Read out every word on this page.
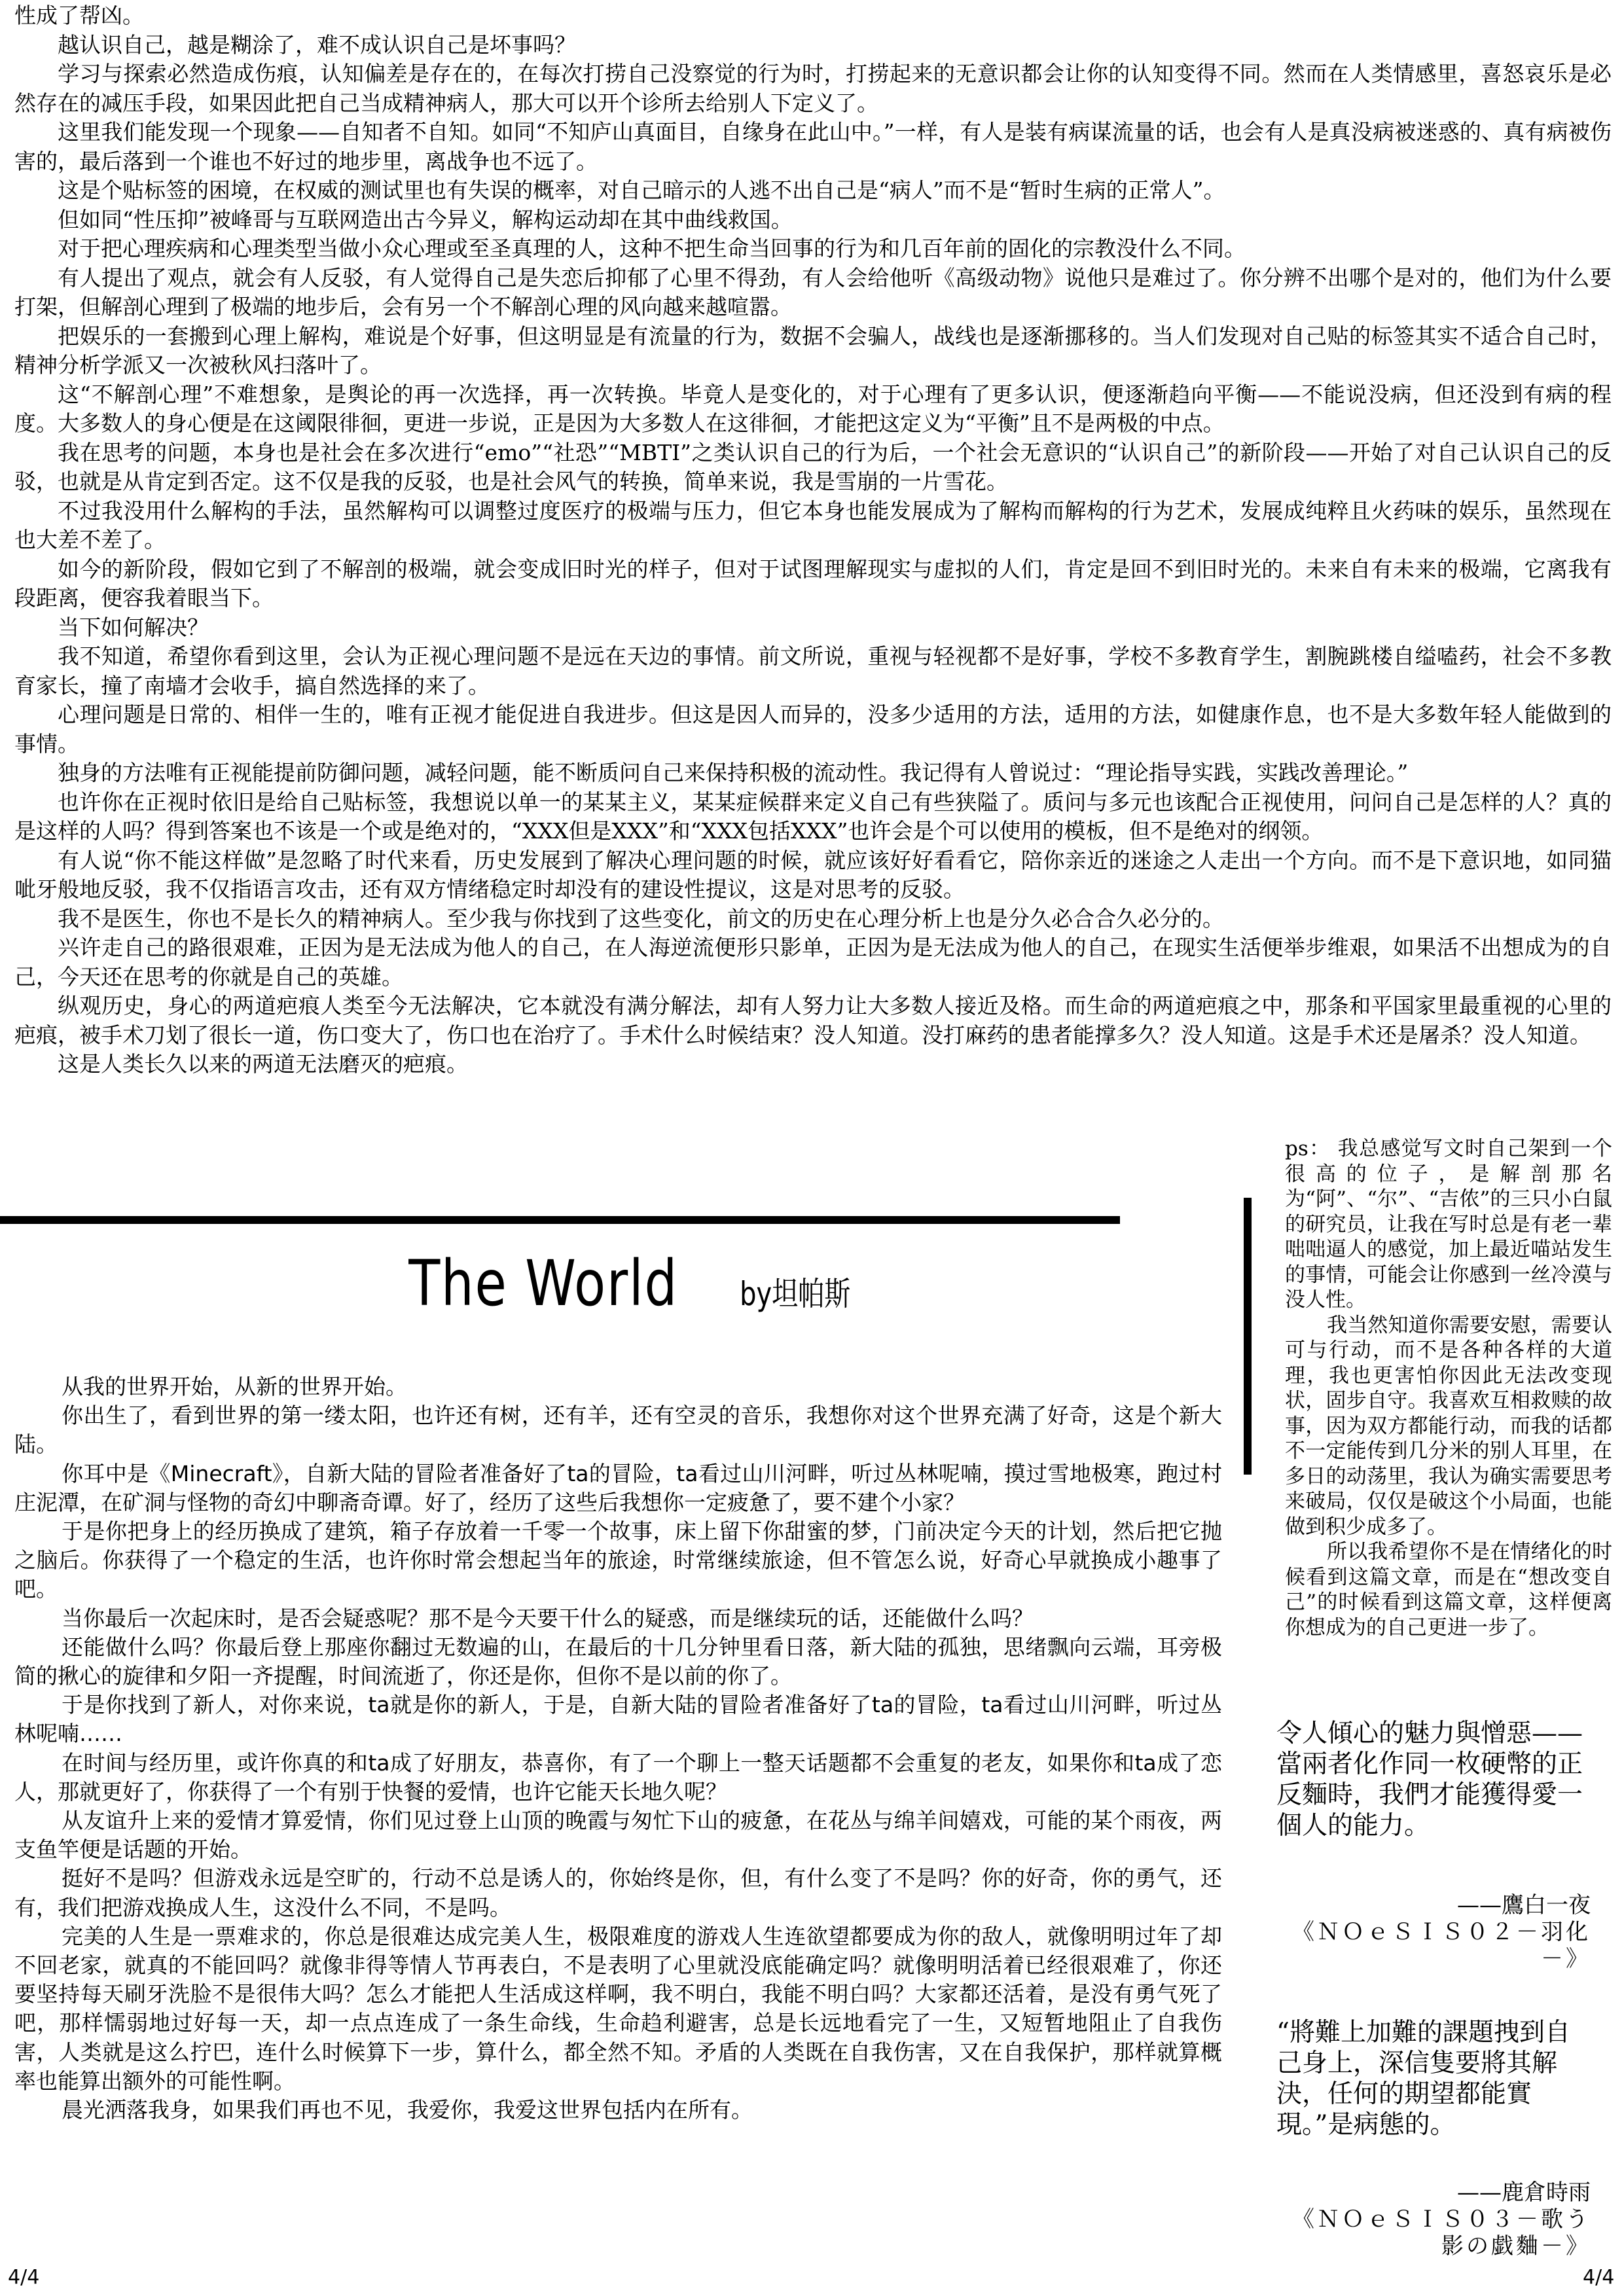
性成了帮凶。

越认识自己，越是糊涂了，难不成认识自己是坏事吗？

学习与探索必然造成伤痕，认知偏差是存在的，在每次打捞自己没察觉的行为时，打捞起来的无意识都会让你的认知变得不同。然而在人类情感里，喜怒哀乐是必然存在的减压手段，如果因此把自己当成精神病人，那大可以开个诊所去给别人下定义了。

这里我们能发现一个现象——自知者不自知。如同“不知庐山真面目，自缘身在此山中。”一样，有人是装有病谋流量的话，也会有人是真没病被迷惑的、真有病被伤害的，最后落到一个谁也不好过的地步里，离战争也不远了。

这是个贴标签的困境，在权威的测试里也有失误的概率，对自己暗示的人逃不出自己是“病人”而不是“暂时生病的正常人”。

但如同“性压抑”被峰哥与互联网造出古今异义，解构运动却在其中曲线救国。

对于把心理疾病和心理类型当做小众心理或至圣真理的人，这种不把生命当回事的行为和几百年前的固化的宗教没什么不同。

有人提出了观点，就会有人反驳，有人觉得自己是失恋后抑郁了心里不得劲，有人会给他听《高级动物》说他只是难过了。你分辨不出哪个是对的，他们为什么要打架，但解剖心理到了极端的地步后，会有另一个不解剖心理的风向越来越喧嚣。

把娱乐的一套搬到心理上解构，难说是个好事，但这明显是有流量的行为，数据不会骗人，战线也是逐渐挪移的。当人们发现对自己贴的标签其实不适合自己时，精神分析学派又一次被秋风扫落叶了。

这“不解剖心理”不难想象，是舆论的再一次选择，再一次转换。毕竟人是变化的，对于心理有了更多认识，便逐渐趋向平衡——不能说没病，但还没到有病的程度。大多数人的身心便是在这阈限徘徊，更进一步说，正是因为大多数人在这徘徊，才能把这定义为“平衡”且不是两极的中点。

我在思考的问题，本身也是社会在多次进行“emo”“社恐”“MBTI”之类认识自己的行为后，一个社会无意识的“认识自己”的新阶段——开始了对自己认识自己的反驳，也就是从肯定到否定。这不仅是我的反驳，也是社会风气的转换，简单来说，我是雪崩的一片雪花。

不过我没用什么解构的手法，虽然解构可以调整过度医疗的极端与压力，但它本身也能发展成为了解构而解构的行为艺术，发展成纯粹且火药味的娱乐，虽然现在也大差不差了。

如今的新阶段，假如它到了不解剖的极端，就会变成旧时光的样子，但对于试图理解现实与虚拟的人们，肯定是回不到旧时光的。未来自有未来的极端，它离我有段距离，便容我着眼当下。

当下如何解决？

我不知道，希望你看到这里，会认为正视心理问题不是远在天边的事情。前文所说，重视与轻视都不是好事，学校不多教育学生，割腕跳楼自缢嗑药，社会不多教育家长，撞了南墙才会收手，搞自然选择的来了。

心理问题是日常的、相伴一生的，唯有正视才能促进自我进步。但这是因人而异的，没多少适用的方法，适用的方法，如健康作息，也不是大多数年轻人能做到的事情。

独身的方法唯有正视能提前防御问题，减轻问题，能不断质问自己来保持积极的流动性。我记得有人曾说过：“理论指导实践，实践改善理论。”

也许你在正视时依旧是给自己贴标签，我想说以单一的某某主义，某某症候群来定义自己有些狭隘了。质问与多元也该配合正视使用，问问自己是怎样的人？真的是这样的人吗？得到答案也不该是一个或是绝对的，“XXX但是XXX”和“XXX包括XXX”也许会是个可以使用的模板，但不是绝对的纲领。

有人说“你不能这样做”是忽略了时代来看，历史发展到了解决心理问题的时候，就应该好好看看它，陪你亲近的迷途之人走出一个方向。而不是下意识地，如同猫呲牙般地反驳，我不仅指语言攻击，还有双方情绪稳定时却没有的建设性提议，这是对思考的反驳。

我不是医生，你也不是长久的精神病人。至少我与你找到了这些变化，前文的历史在心理分析上也是分久必合合久必分的。

兴许走自己的路很艰难，正因为是无法成为他人的自己，在人海逆流便形只影单，正因为是无法成为他人的自己，在现实生活便举步维艰，如果活不出想成为的自己，今天还在思考的你就是自己的英雄。

纵观历史，身心的两道疤痕人类至今无法解决，它本就没有满分解法，却有人努力让大多数人接近及格。而生命的两道疤痕之中，那条和平国家里最重视的心里的疤痕，被手术刀划了很长一道，伤口变大了，伤口也在治疗了。手术什么时候结束？没人知道。没打麻药的患者能撑多久？没人知道。这是手术还是屠杀？没人知道。

这是人类长久以来的两道无法磨灭的疤痕。

ps： 我总感觉写文时自己架到一个很高的位子，是解剖那名为“阿”、“尔”、“吉侬”的三只小白鼠的研究员，让我在写时总是有老一辈咄咄逼人的感觉，加上最近喵站发生的事情，可能会让你感到一丝冷漠与没人性。

我当然知道你需要安慰，需要认可与行动，而不是各种各样的大道理，我也更害怕你因此无法改变现状，固步自守。我喜欢互相救赎的故事，因为双方都能行动，而我的话都不一定能传到几分米的别人耳里，在多日的动荡里，我认为确实需要思考来破局，仅仅是破这个小局面，也能做到积少成多了。

所以我希望你不是在情绪化的时候看到这篇文章，而是在“想改变自己”的时候看到这篇文章，这样便离你想成为的自己更进一步了。

The World by坦帕斯

从我的世界开始，从新的世界开始。

你出生了，看到世界的第一缕太阳，也许还有树，还有羊，还有空灵的音乐，我想你对这个世界充满了好奇，这是个新大陆。

你耳中是《Minecraft》，自新大陆的冒险者准备好了ta的冒险，ta看过山川河畔，听过丛林呢喃，摸过雪地极寒，跑过村庄泥潭，在矿洞与怪物的奇幻中聊斋奇谭。好了，经历了这些后我想你一定疲惫了，要不建个小家？

于是你把身上的经历换成了建筑，箱子存放着一千零一个故事，床上留下你甜蜜的梦，门前决定今天的计划，然后把它抛之脑后。你获得了一个稳定的生活，也许你时常会想起当年的旅途，时常继续旅途，但不管怎么说，好奇心早就换成小趣事了吧。

当你最后一次起床时，是否会疑惑呢？那不是今天要干什么的疑惑，而是继续玩的话，还能做什么吗？

还能做什么吗？你最后登上那座你翻过无数遍的山，在最后的十几分钟里看日落，新大陆的孤独，思绪飘向云端，耳旁极简的揪心的旋律和夕阳一齐提醒，时间流逝了，你还是你，但你不是以前的你了。

于是你找到了新人，对你来说，ta就是你的新人，于是，自新大陆的冒险者准备好了ta的冒险，ta看过山川河畔，听过丛林呢喃……

在时间与经历里，或许你真的和ta成了好朋友，恭喜你，有了一个聊上一整天话题都不会重复的老友，如果你和ta成了恋人，那就更好了，你获得了一个有别于快餐的爱情，也许它能天长地久呢？

从友谊升上来的爱情才算爱情，你们见过登上山顶的晚霞与匆忙下山的疲惫，在花丛与绵羊间嬉戏，可能的某个雨夜，两支鱼竿便是话题的开始。

挺好不是吗？但游戏永远是空旷的，行动不总是诱人的，你始终是你，但，有什么变了不是吗？你的好奇，你的勇气，还有，我们把游戏换成人生，这没什么不同，不是吗。

完美的人生是一票难求的，你总是很难达成完美人生，极限难度的游戏人生连欲望都要成为你的敌人，就像明明过年了却不回老家，就真的不能回吗？就像非得等情人节再表白，不是表明了心里就没底能确定吗？就像明明活着已经很艰难了，你还要坚持每天刷牙洗脸不是很伟大吗？怎么才能把人生活成这样啊，我不明白，我能不明白吗？大家都还活着，是没有勇气死了吧，那样懦弱地过好每一天，却一点点连成了一条生命线，生命趋利避害，总是长远地看完了一生，又短暂地阻止了自我伤害，人类就是这么拧巴，连什么时候算下一步，算什么，都全然不知。矛盾的人类既在自我伤害，又在自我保护，那样就算概率也能算出额外的可能性啊。

晨光洒落我身，如果我们再也不见，我爱你，我爱这世界包括内在所有。

令人傾心的魅力與憎惡——當兩者化作同一枚硬幣的正反麵時，我們才能獲得愛一個人的能力。

——鷹白一夜

《ＮＯｅＳＩＳ０２－羽化－》

“將難上加難的課題拽到自己身上，深信隻要將其解決，任何的期望都能實現。”是病態的。

——鹿倉時雨

《ＮＯｅＳＩＳ０３－歌う影の戯麯－》

4/4	4/4
